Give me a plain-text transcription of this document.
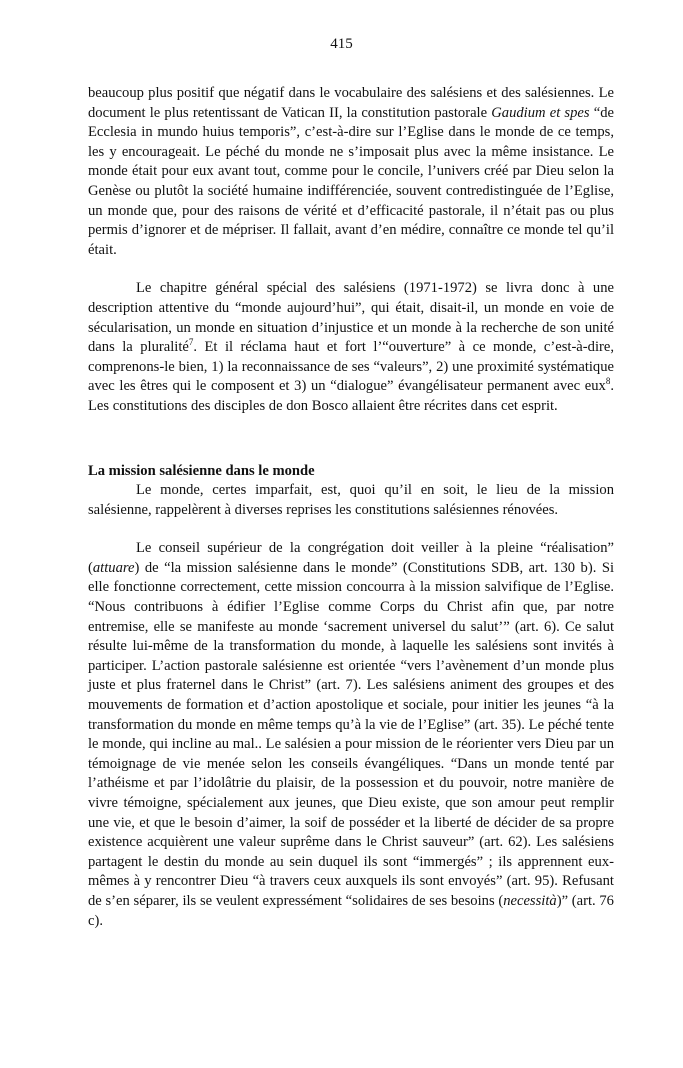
415

beaucoup plus positif que négatif dans le vocabulaire des salésiens et des salésiennes. Le document le plus retentissant de Vatican II, la constitution pastorale Gaudium et spes “de Ecclesia in mundo huius temporis”, c’est-à-dire sur l’Eglise dans le monde de ce temps, les y encourageait. Le péché du monde ne s’imposait plus avec la même insistance. Le monde était pour eux avant tout, comme pour le concile, l’univers créé par Dieu selon la Genèse ou plutôt la société humaine indifférenciée, souvent contredistinguée de l’Eglise, un monde que, pour des raisons de vérité et d’efficacité pastorale, il n’était pas ou plus permis d’ignorer et de mépriser. Il fallait, avant d’en médire, connaître ce monde tel qu’il était.

Le chapitre général spécial des salésiens (1971-1972) se livra donc à une description attentive du “monde aujourd’hui”, qui était, disait-il, un monde en voie de sécularisation, un monde en situation d’injustice et un monde à la recherche de son unité dans la pluralité$^7$. Et il réclama haut et fort l’“ouverture” à ce monde, c’est-à-dire, comprenons-le bien, 1) la reconnaissance de ses “valeurs”, 2) une proximité systématique avec les êtres qui le composent et 3) un “dialogue” évangélisateur permanent avec eux$^8$. Les constitutions des disciples de don Bosco allaient être récrites dans cet esprit.

La mission salésienne dans le monde

Le monde, certes imparfait, est, quoi qu’il en soit, le lieu de la mission salésienne, rappelèrent à diverses reprises les constitutions salésiennes rénovées.

Le conseil supérieur de la congrégation doit veiller à la pleine “réalisation” (attuare) de “la mission salésienne dans le monde” (Constitutions SDB, art. 130 b). Si elle fonctionne correctement, cette mission concourra à la mission salvifique de l’Eglise. “Nous contribuons à édifier l’Eglise comme Corps du Christ afin que, par notre entremise, elle se manifeste au monde ‘sacrement universel du salut’” (art. 6). Ce salut résulte lui-même de la transformation du monde, à laquelle les salésiens sont invités à participer. L’action pastorale salésienne est orientée “vers l’avènement d’un monde plus juste et plus fraternel dans le Christ” (art. 7). Les salésiens animent des groupes et des mouvements de formation et d’action apostolique et sociale, pour initier les jeunes “à la transformation du monde en même temps qu’à la vie de l’Eglise” (art. 35). Le péché tente le monde, qui incline au mal.. Le salésien a pour mission de le réorienter vers Dieu par un témoignage de vie menée selon les conseils évangéliques. “Dans un monde tenté par l’athéisme et par l’idolâtrie du plaisir, de la possession et du pouvoir, notre manière de vivre témoigne, spécialement aux jeunes, que Dieu existe, que son amour peut remplir une vie, et que le besoin d’aimer, la soif de posséder et la liberté de décider de sa propre existence acquièrent une valeur suprême dans le Christ sauveur” (art. 62). Les salésiens partagent le destin du monde au sein duquel ils sont “immergés” ; ils apprennent eux-mêmes à y rencontrer Dieu “à travers ceux auxquels ils sont envoyés” (art. 95). Refusant de s’en séparer, ils se veulent expressément “solidaires de ses besoins (necessità)” (art. 76 c).
